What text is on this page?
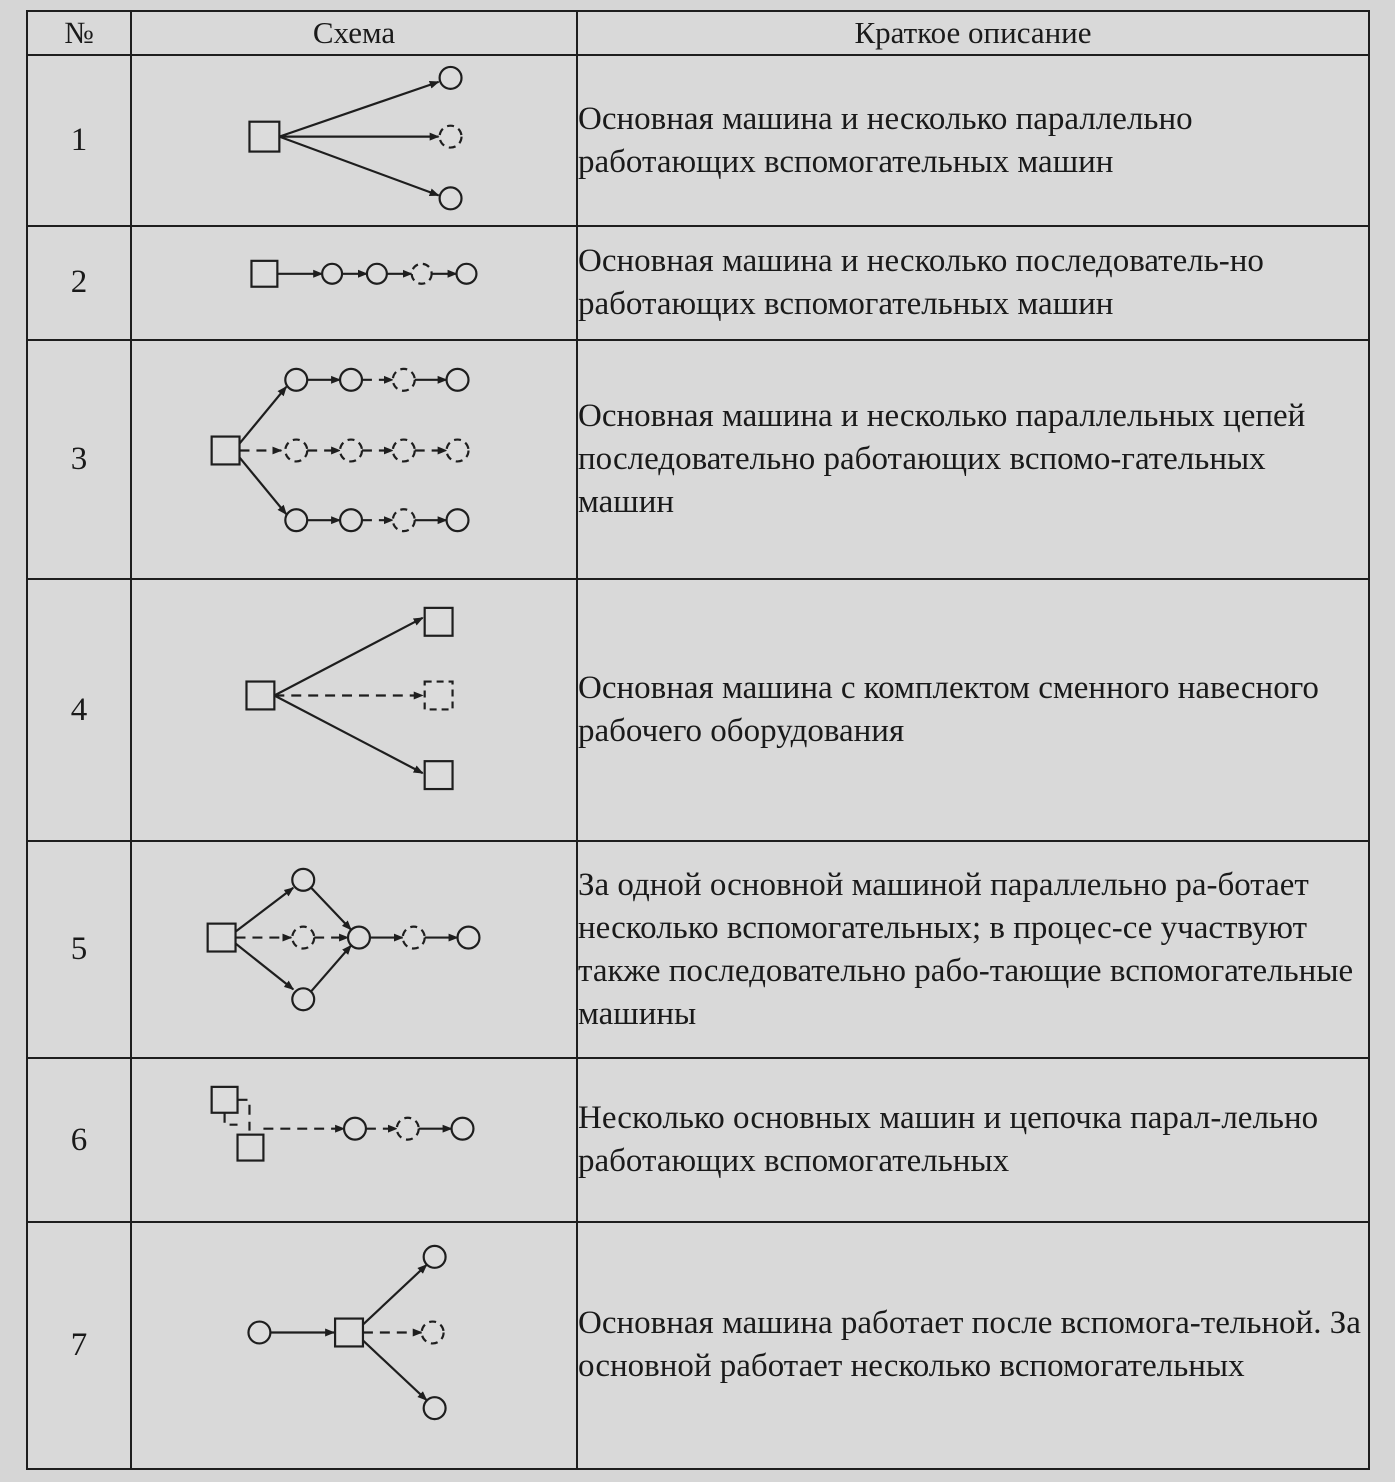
№	Схема	Краткое описание
1		Основная машина и несколько параллельно работающих вспомогательных машин
2		Основная машина и несколько последователь-но работающих вспомогательных машин
3		Основная машина и несколько параллельных цепей последовательно работающих вспомо-гательных машин
4		Основная машина с комплектом сменного навесного рабочего оборудования
5		За одной основной машиной параллельно ра-ботает несколько вспомогательных; в процес-се участвуют также последовательно рабо-тающие вспомогательные машины
6		Несколько основных машин и цепочка парал-лельно работающих вспомогательных
7		Основная машина работает после вспомога-тельной. За основной работает несколько вспомогательных
